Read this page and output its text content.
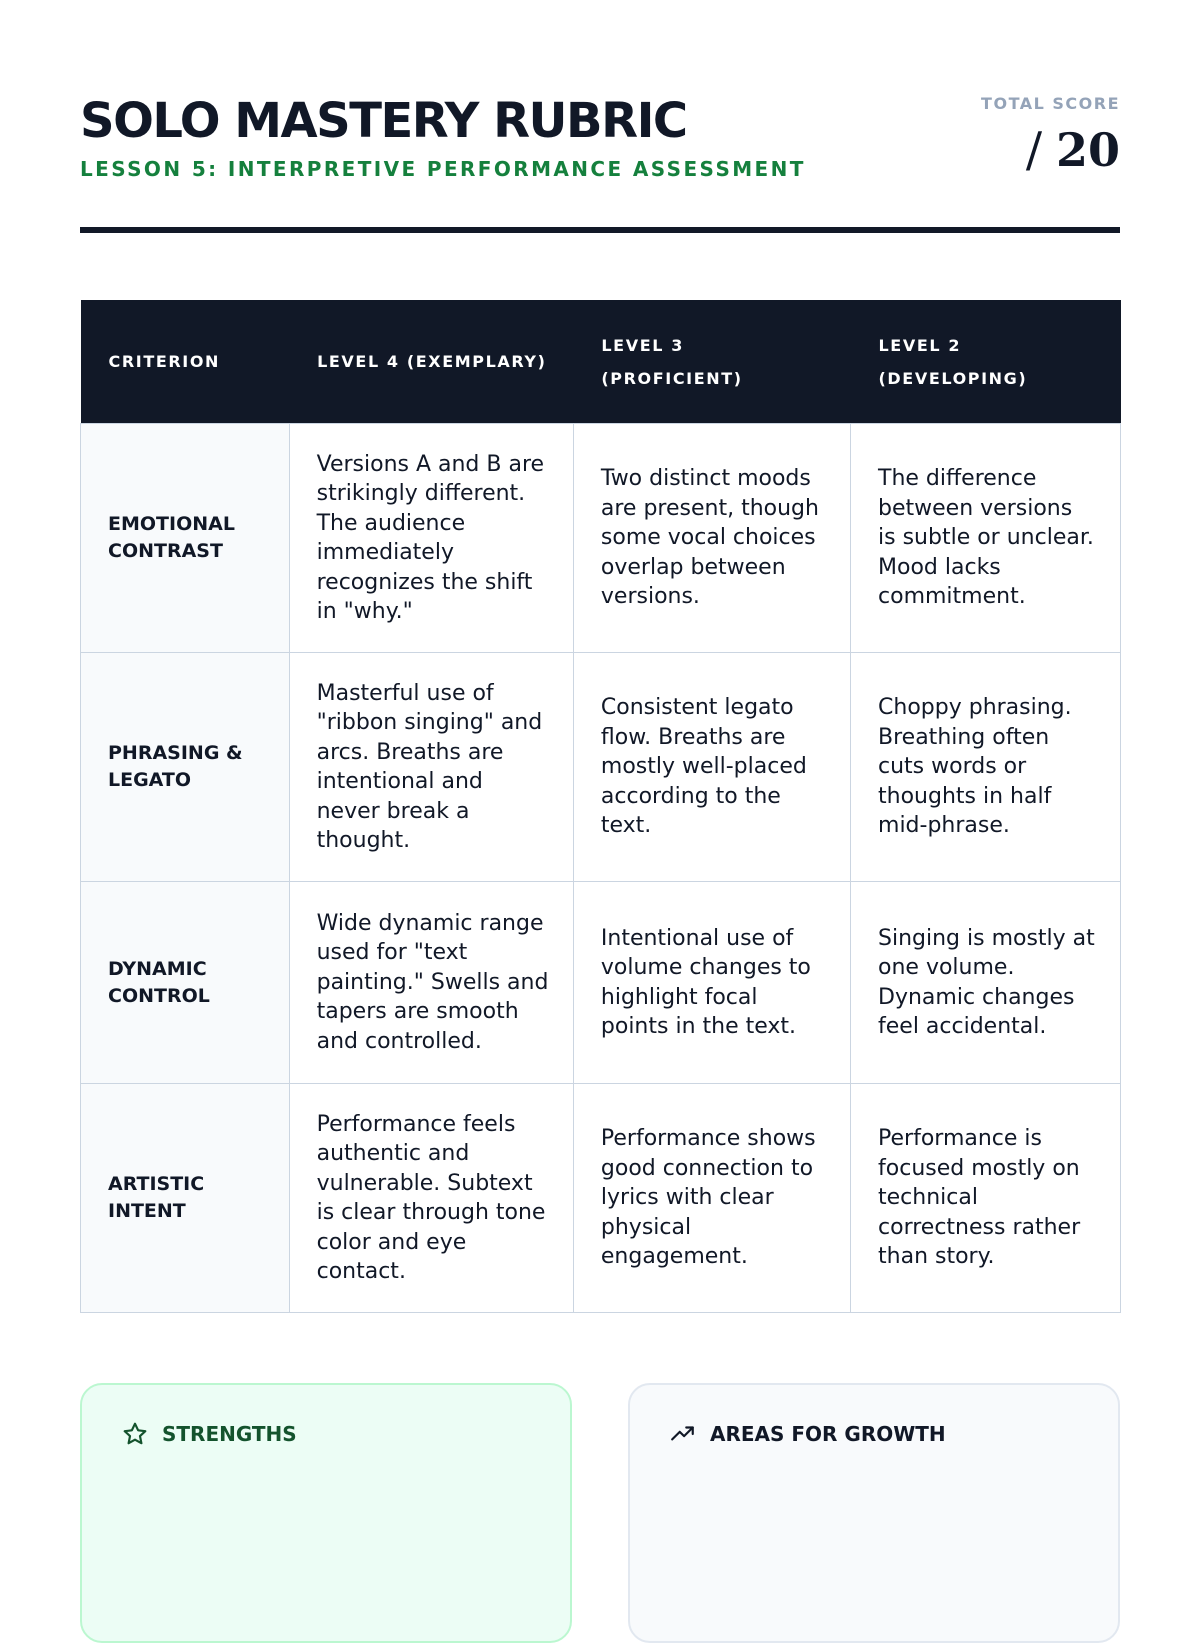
SOLO MASTERY RUBRIC
LESSON 5: INTERPRETIVE PERFORMANCE ASSESSMENT
TOTAL SCORE
/ 20
CRITERION	LEVEL 4 (EXEMPLARY)	LEVEL 3 (PROFICIENT)	LEVEL 2 (DEVELOPING)
EMOTIONAL CONTRAST	Versions A and B are strikingly different. The audience immediately recognizes the shift in "why."	Two distinct moods are present, though some vocal choices overlap between versions.	The difference between versions is subtle or unclear. Mood lacks commitment.
PHRASING & LEGATO	Masterful use of "ribbon singing" and arcs. Breaths are intentional and never break a thought.	Consistent legato flow. Breaths are mostly well-placed according to the text.	Choppy phrasing. Breathing often cuts words or thoughts in half mid-phrase.
DYNAMIC CONTROL	Wide dynamic range used for "text painting." Swells and tapers are smooth and controlled.	Intentional use of volume changes to highlight focal points in the text.	Singing is mostly at one volume. Dynamic changes feel accidental.
ARTISTIC INTENT	Performance feels authentic and vulnerable. Subtext is clear through tone color and eye contact.	Performance shows good connection to lyrics with clear physical engagement.	Performance is focused mostly on technical correctness rather than story.
STRENGTHS	AREAS FOR GROWTH
